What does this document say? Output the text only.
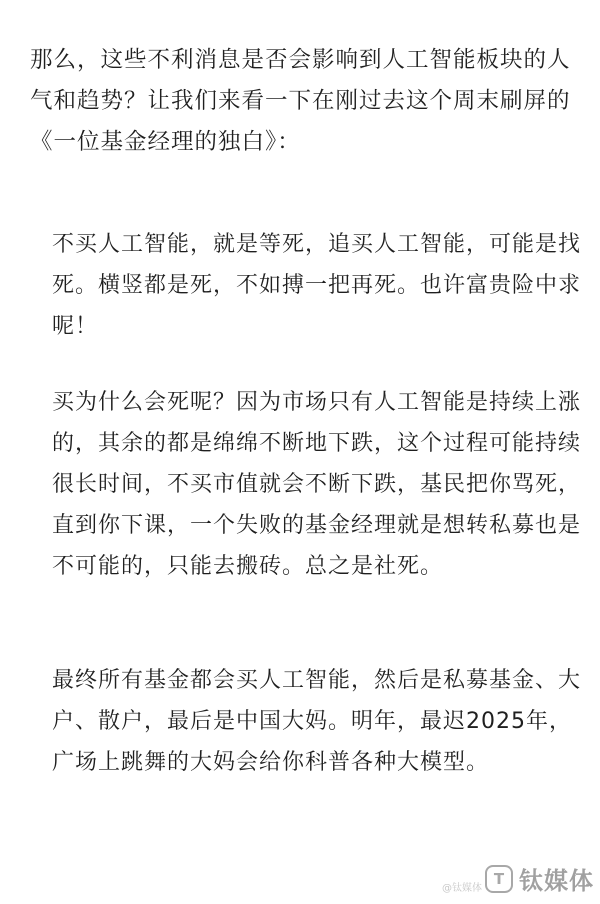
那么，这些不利消息是否会影响到人工智能板块的人气和趋势？让我们来看一下在刚过去这个周末刷屏的《一位基金经理的独白》：

不买人工智能，就是等死，追买人工智能，可能是找死。横竖都是死，不如搏一把再死。也许富贵险中求呢！

买为什么会死呢？因为市场只有人工智能是持续上涨的，其余的都是绵绵不断地下跌，这个过程可能持续很长时间，不买市值就会不断下跌，基民把你骂死，直到你下课，一个失败的基金经理就是想转私募也是不可能的，只能去搬砖。总之是社死。

最终所有基金都会买人工智能，然后是私募基金、大户、散户，最后是中国大妈。明年，最迟2025年，广场上跳舞的大妈会给你科普各种大模型。

@钛媒体
T 钛媒体
